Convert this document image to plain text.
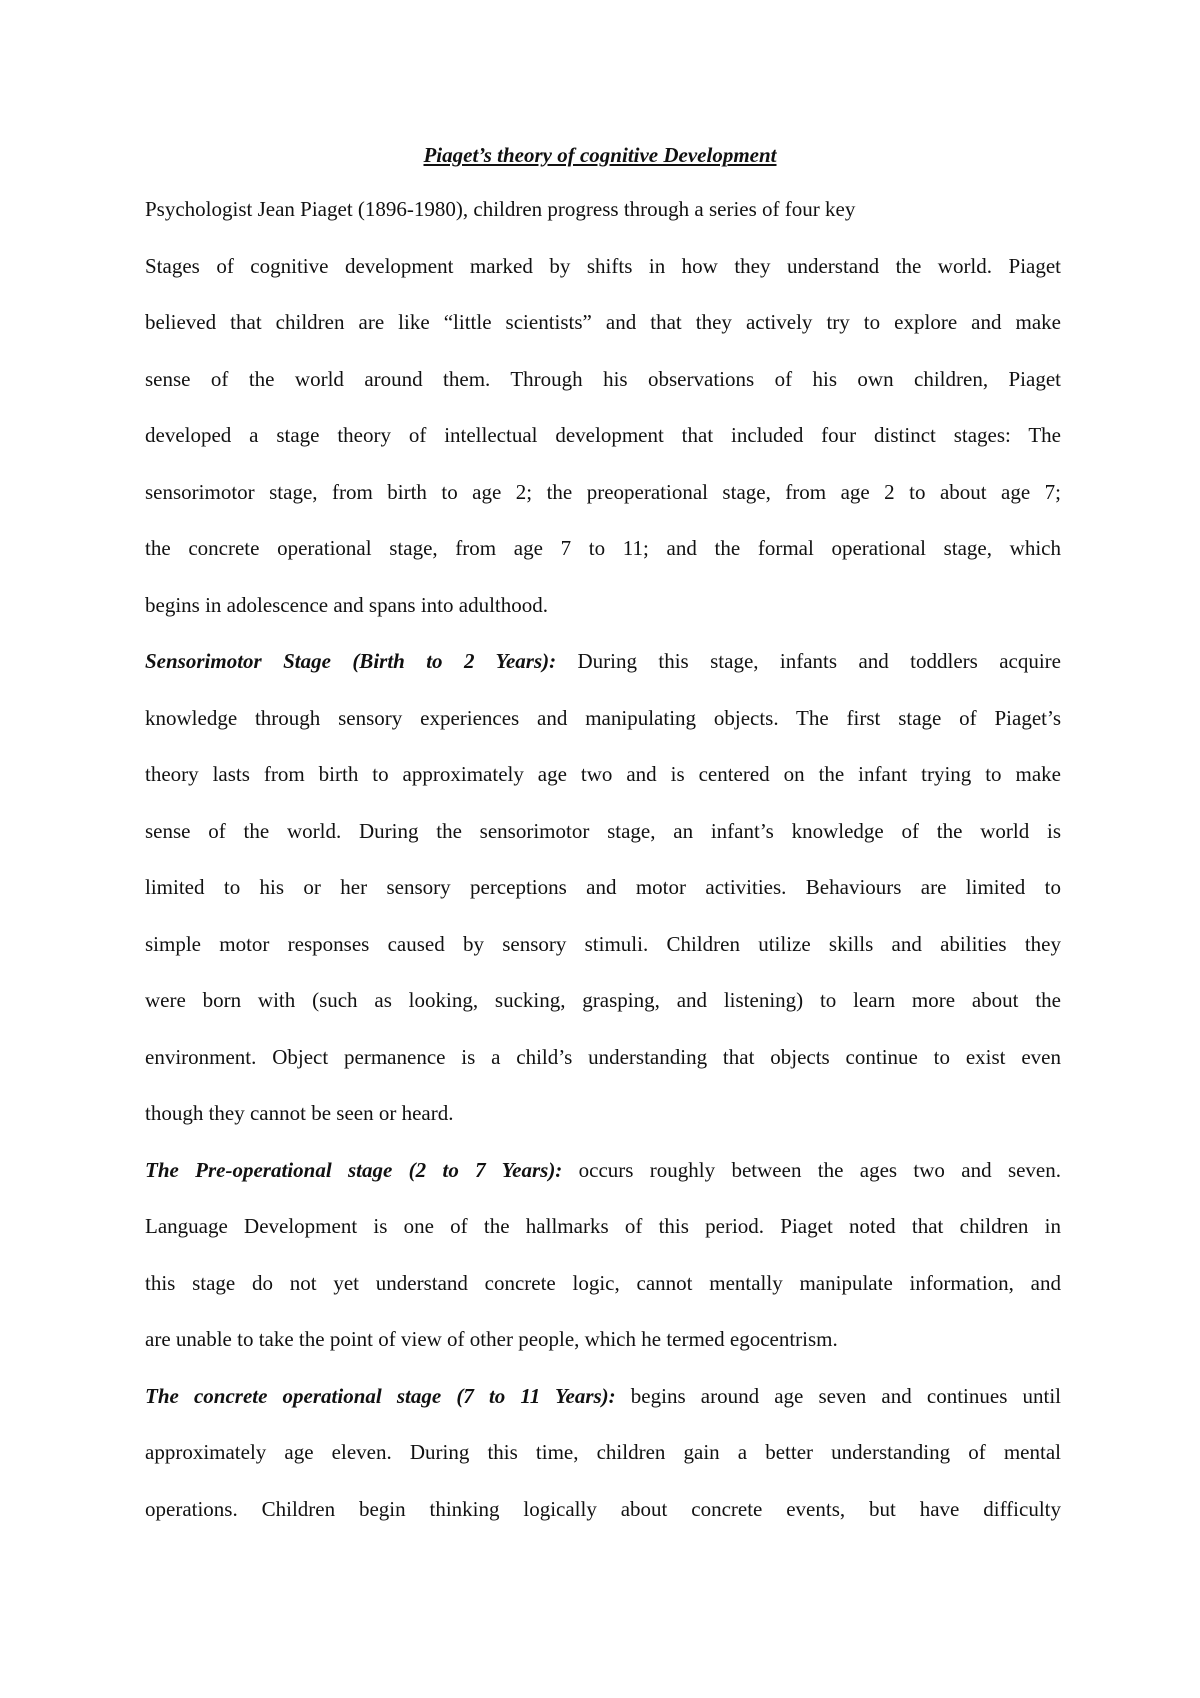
Piaget’s theory of cognitive Development
Psychologist Jean Piaget (1896-1980), children progress through a series of four key
Stages of cognitive development marked by shifts in how they understand the world. Piaget
believed that children are like “little scientists” and that they actively try to explore and make
sense of the world around them. Through his observations of his own children, Piaget
developed a stage theory of intellectual development that included four distinct stages: The
sensorimotor stage, from birth to age 2; the preoperational stage, from age 2 to about age 7;
the concrete operational stage, from age 7 to 11; and the formal operational stage, which
begins in adolescence and spans into adulthood.
Sensorimotor Stage (Birth to 2 Years): During this stage, infants and toddlers acquire
knowledge through sensory experiences and manipulating objects. The first stage of Piaget’s
theory lasts from birth to approximately age two and is centered on the infant trying to make
sense of the world. During the sensorimotor stage, an infant’s knowledge of the world is
limited to his or her sensory perceptions and motor activities. Behaviours are limited to
simple motor responses caused by sensory stimuli. Children utilize skills and abilities they
were born with (such as looking, sucking, grasping, and listening) to learn more about the
environment. Object permanence is a child’s understanding that objects continue to exist even
though they cannot be seen or heard.
The Pre-operational stage (2 to 7 Years): occurs roughly between the ages two and seven.
Language Development is one of the hallmarks of this period. Piaget noted that children in
this stage do not yet understand concrete logic, cannot mentally manipulate information, and
are unable to take the point of view of other people, which he termed egocentrism.
The concrete operational stage (7 to 11 Years): begins around age seven and continues until
approximately age eleven. During this time, children gain a better understanding of mental
operations. Children begin thinking logically about concrete events, but have difficulty
